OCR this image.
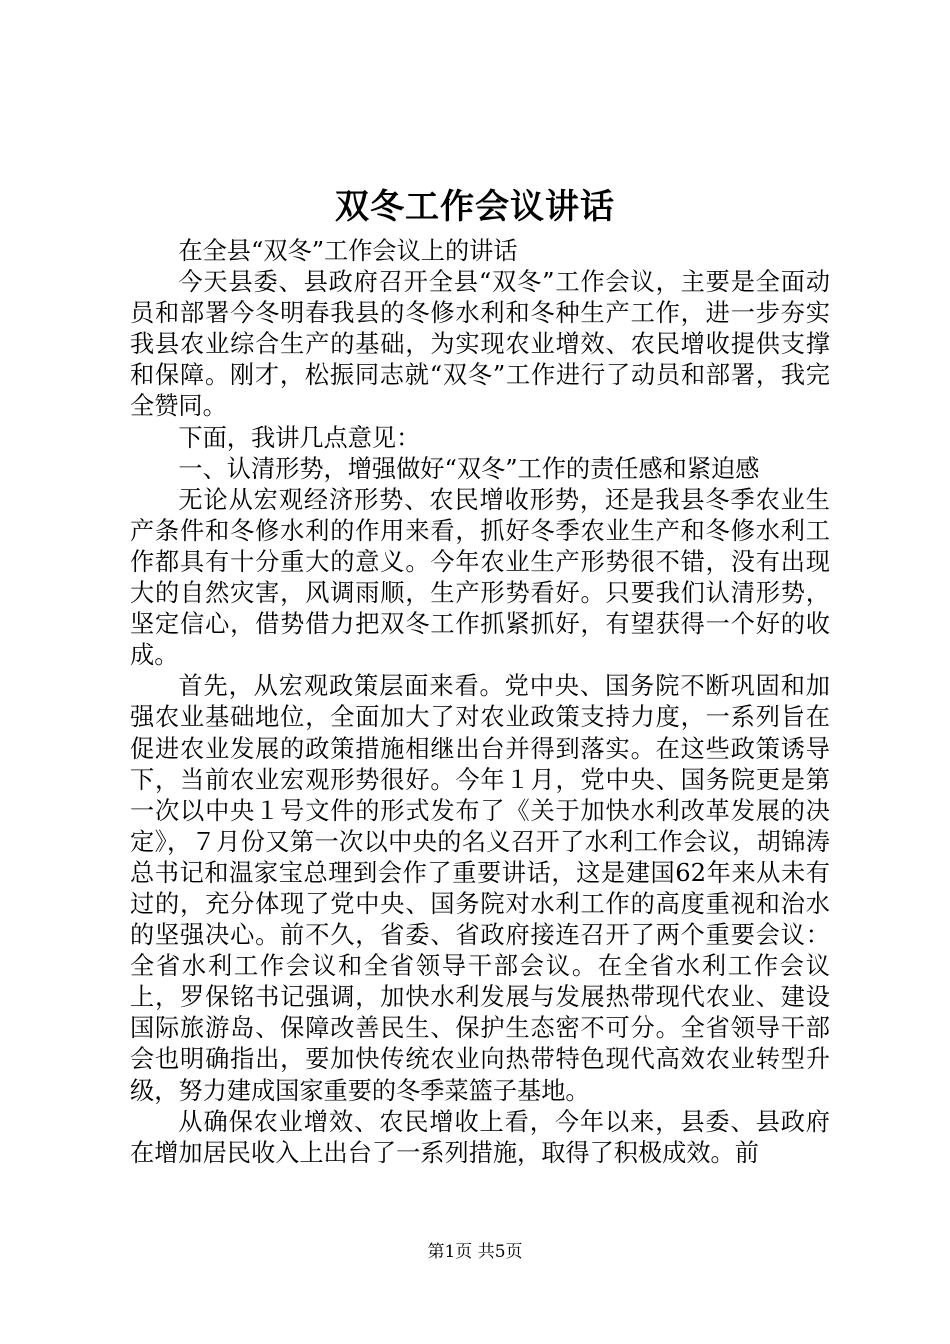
双冬工作会议讲话

在全县“双冬”工作会议上的讲话

今天县委、县政府召开全县“双冬”工作会议，主要是全面动员和部署今冬明春我县的冬修水利和冬种生产工作，进一步夯实我县农业综合生产的基础，为实现农业增效、农民增收提供支撑和保障。刚才，松振同志就“双冬”工作进行了动员和部署，我完全赞同。

下面，我讲几点意见：

一、认清形势，增强做好“双冬”工作的责任感和紧迫感

无论从宏观经济形势、农民增收形势，还是我县冬季农业生产条件和冬修水利的作用来看，抓好冬季农业生产和冬修水利工作都具有十分重大的意义。今年农业生产形势很不错，没有出现大的自然灾害，风调雨顺，生产形势看好。只要我们认清形势，坚定信心，借势借力把双冬工作抓紧抓好，有望获得一个好的收成。

首先，从宏观政策层面来看。党中央、国务院不断巩固和加强农业基础地位，全面加大了对农业政策支持力度，一系列旨在促进农业发展的政策措施相继出台并得到落实。在这些政策诱导下，当前农业宏观形势很好。今年１月，党中央、国务院更是第一次以中央１号文件的形式发布了《关于加快水利改革发展的决定》，７月份又第一次以中央的名义召开了水利工作会议，胡锦涛总书记和温家宝总理到会作了重要讲话，这是建国62年来从未有过的，充分体现了党中央、国务院对水利工作的高度重视和治水的坚强决心。前不久，省委、省政府接连召开了两个重要会议：全省水利工作会议和全省领导干部会议。在全省水利工作会议上，罗保铭书记强调，加快水利发展与发展热带现代农业、建设国际旅游岛、保障改善民生、保护生态密不可分。全省领导干部会也明确指出，要加快传统农业向热带特色现代高效农业转型升级，努力建成国家重要的冬季菜篮子基地。

从确保农业增效、农民增收上看，今年以来，县委、县政府在增加居民收入上出台了一系列措施，取得了积极成效。前

第1页 共5页
